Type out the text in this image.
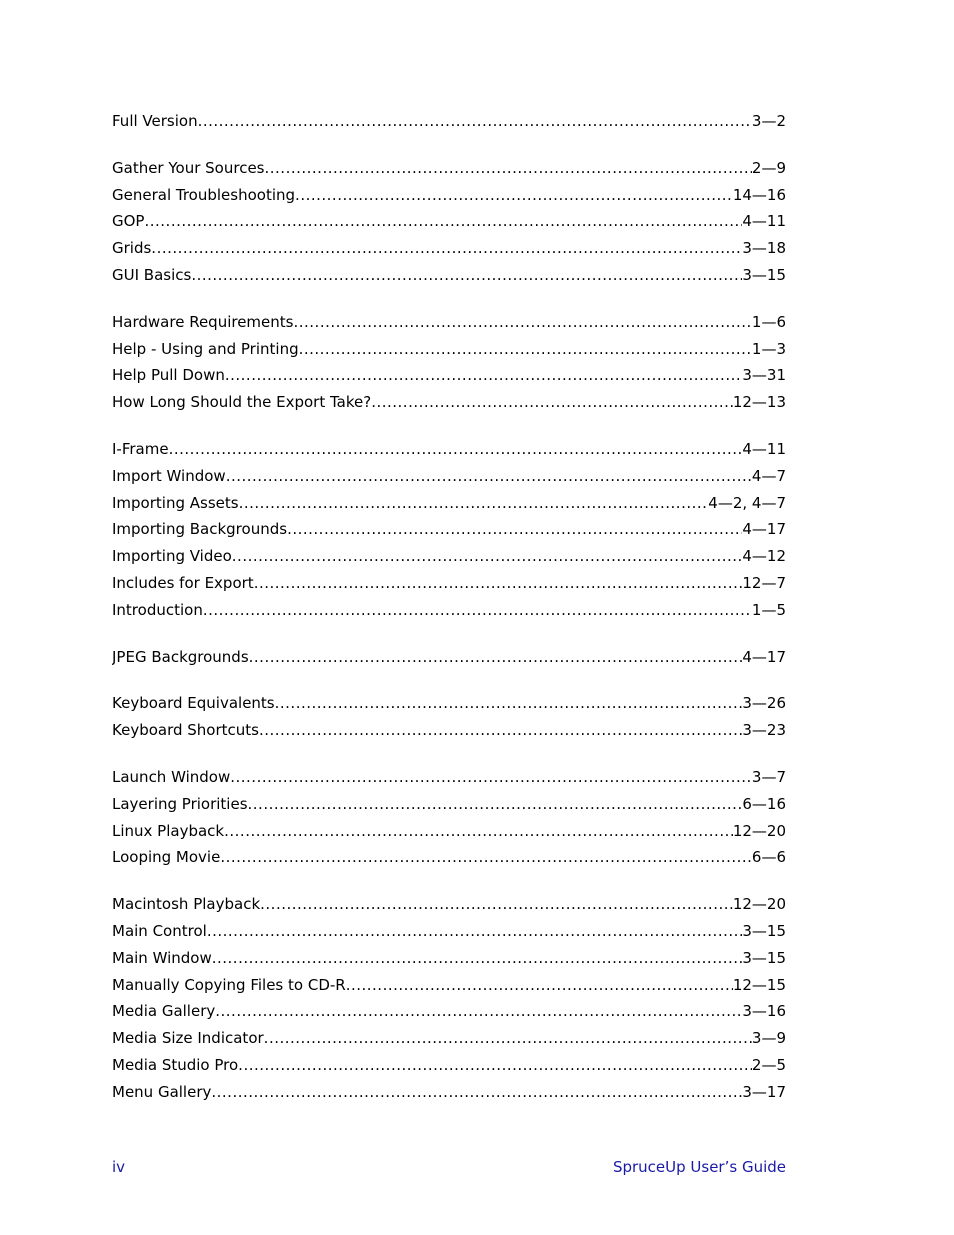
Full Version .....	3—2
Gather Your Sources .....	2—9
General Troubleshooting .....	14—16
GOP .....	4—11
Grids .....	3—18
GUI Basics .....	3—15
Hardware Requirements .....	1—6
Help - Using and Printing .....	1—3
Help Pull Down .....	3—31
How Long Should the Export Take? .....	12—13
I-Frame .....	4—11
Import Window .....	4—7
Importing Assets .....	4—2, 4—7
Importing Backgrounds .....	4—17
Importing Video .....	4—12
Includes for Export .....	12—7
Introduction .....	1—5
JPEG Backgrounds .....	4—17
Keyboard Equivalents .....	3—26
Keyboard Shortcuts .....	3—23
Launch Window .....	3—7
Layering Priorities .....	6—16
Linux Playback .....	12—20
Looping Movie .....	6—6
Macintosh Playback .....	12—20
Main Control .....	3—15
Main Window .....	3—15
Manually Copying Files to CD-R .....	12—15
Media Gallery .....	3—16
Media Size Indicator .....	3—9
Media Studio Pro .....	2—5
Menu Gallery .....	3—17
iv	SpruceUp User’s Guide
